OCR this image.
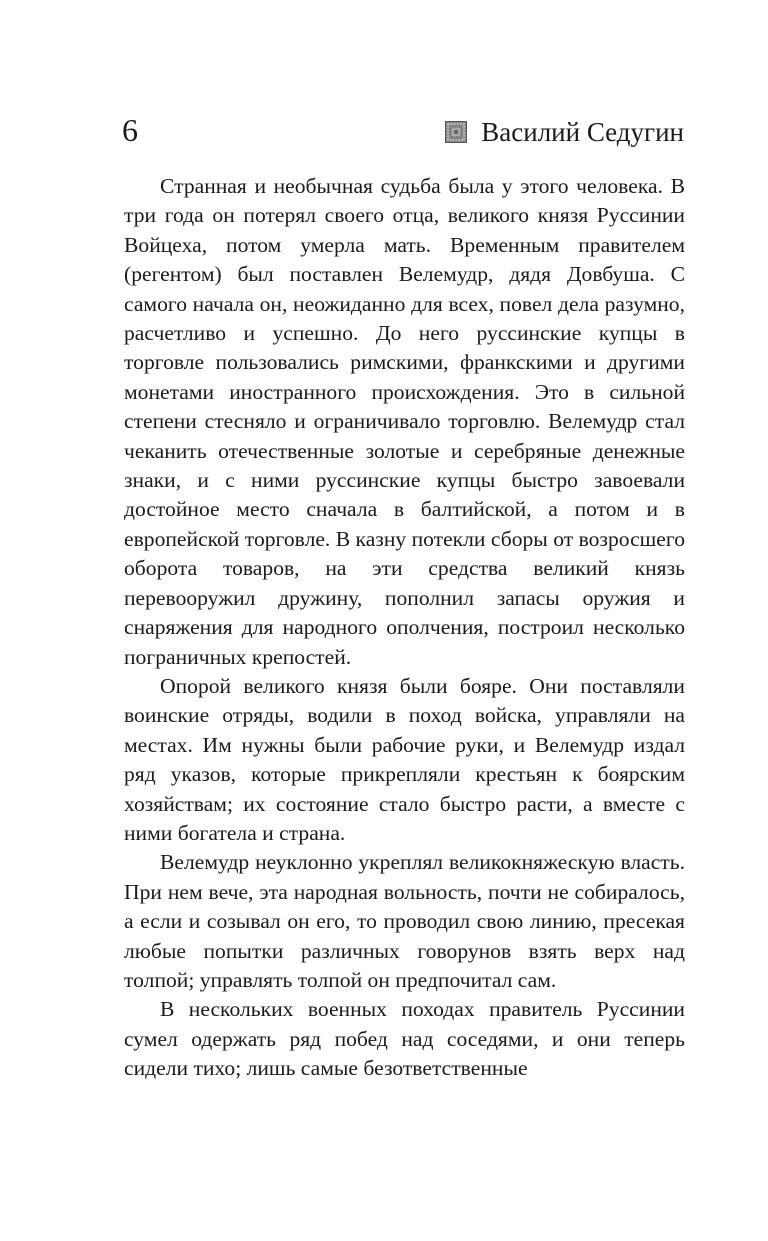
6	Василий Седугин

Странная и необычная судьба была у этого человека. В три года он потерял своего отца, великого князя Руссинии Войцеха, потом умерла мать. Временным правителем (регентом) был поставлен Велемудр, дядя Довбуша. С самого начала он, неожиданно для всех, повел дела разумно, расчетливо и успешно. До него руссинские купцы в торговле пользовались римскими, франкскими и другими монетами иностранного происхождения. Это в сильной степени стесняло и ограничивало торговлю. Велемудр стал чеканить отечественные золотые и серебряные денежные знаки, и с ними руссинские купцы быстро завоевали достойное место сначала в балтийской, а потом и в европейской торговле. В казну потекли сборы от возросшего оборота товаров, на эти средства великий князь перевооружил дружину, пополнил запасы оружия и снаряжения для народного ополчения, построил несколько пограничных крепостей.

Опорой великого князя были бояре. Они поставляли воинские отряды, водили в поход войска, управляли на местах. Им нужны были рабочие руки, и Велемудр издал ряд указов, которые прикрепляли крестьян к боярским хозяйствам; их состояние стало быстро расти, а вместе с ними богатела и страна.

Велемудр неуклонно укреплял великокняжескую власть. При нем вече, эта народная вольность, почти не собиралось, а если и созывал он его, то проводил свою линию, пресекая любые попытки различных говорунов взять верх над толпой; управлять толпой он предпочитал сам.

В нескольких военных походах правитель Руссинии сумел одержать ряд побед над соседями, и они теперь сидели тихо; лишь самые безответственные
